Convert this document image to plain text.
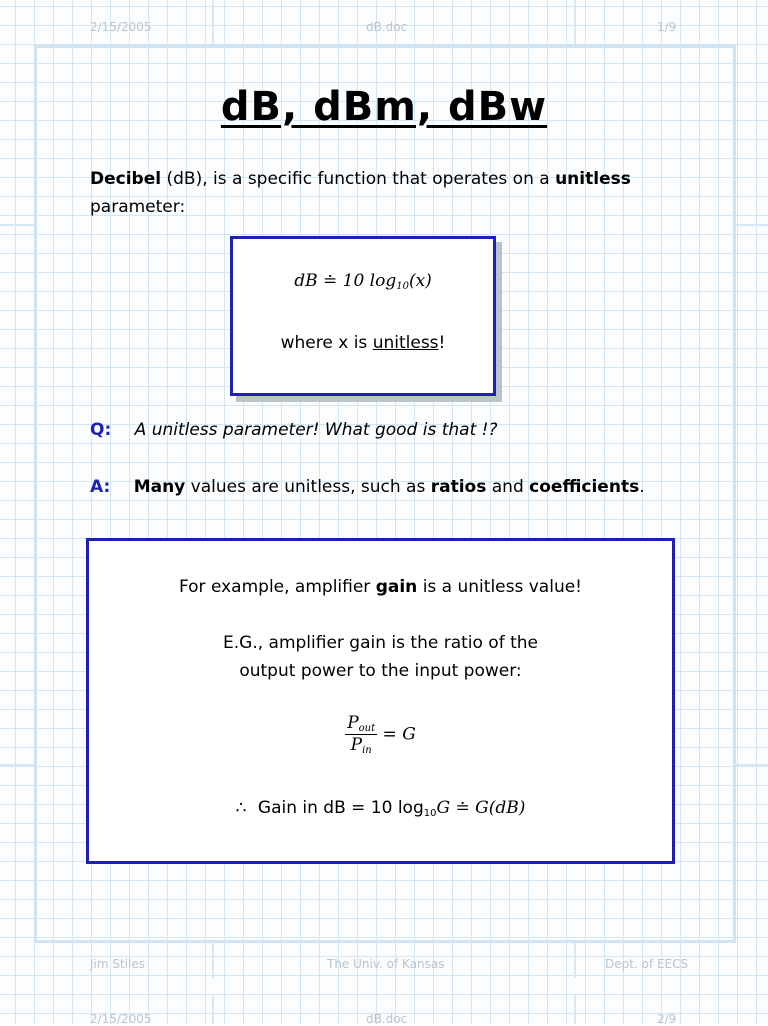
2/15/2005	dB.doc	1/9
dB, dBm, dBw
Decibel (dB), is a specific function that operates on a unitless parameter:
dB ≐ 10 $\log_{10}(x)$
where x is unitless!
Q: A unitless parameter! What good is that !?
A: Many values are unitless, such as ratios and coefficients.
For example, amplifier gain is a unitless value!
E.G., amplifier gain is the ratio of the
output power to the input power:
$\frac{P_{out}}{P_{in}} = G$
∴ Gain in dB = 10 $\log_{10}G$ ≐ G(dB)
Jim Stiles	The Univ. of Kansas	Dept. of EECS
2/15/2005	dB.doc	2/9
